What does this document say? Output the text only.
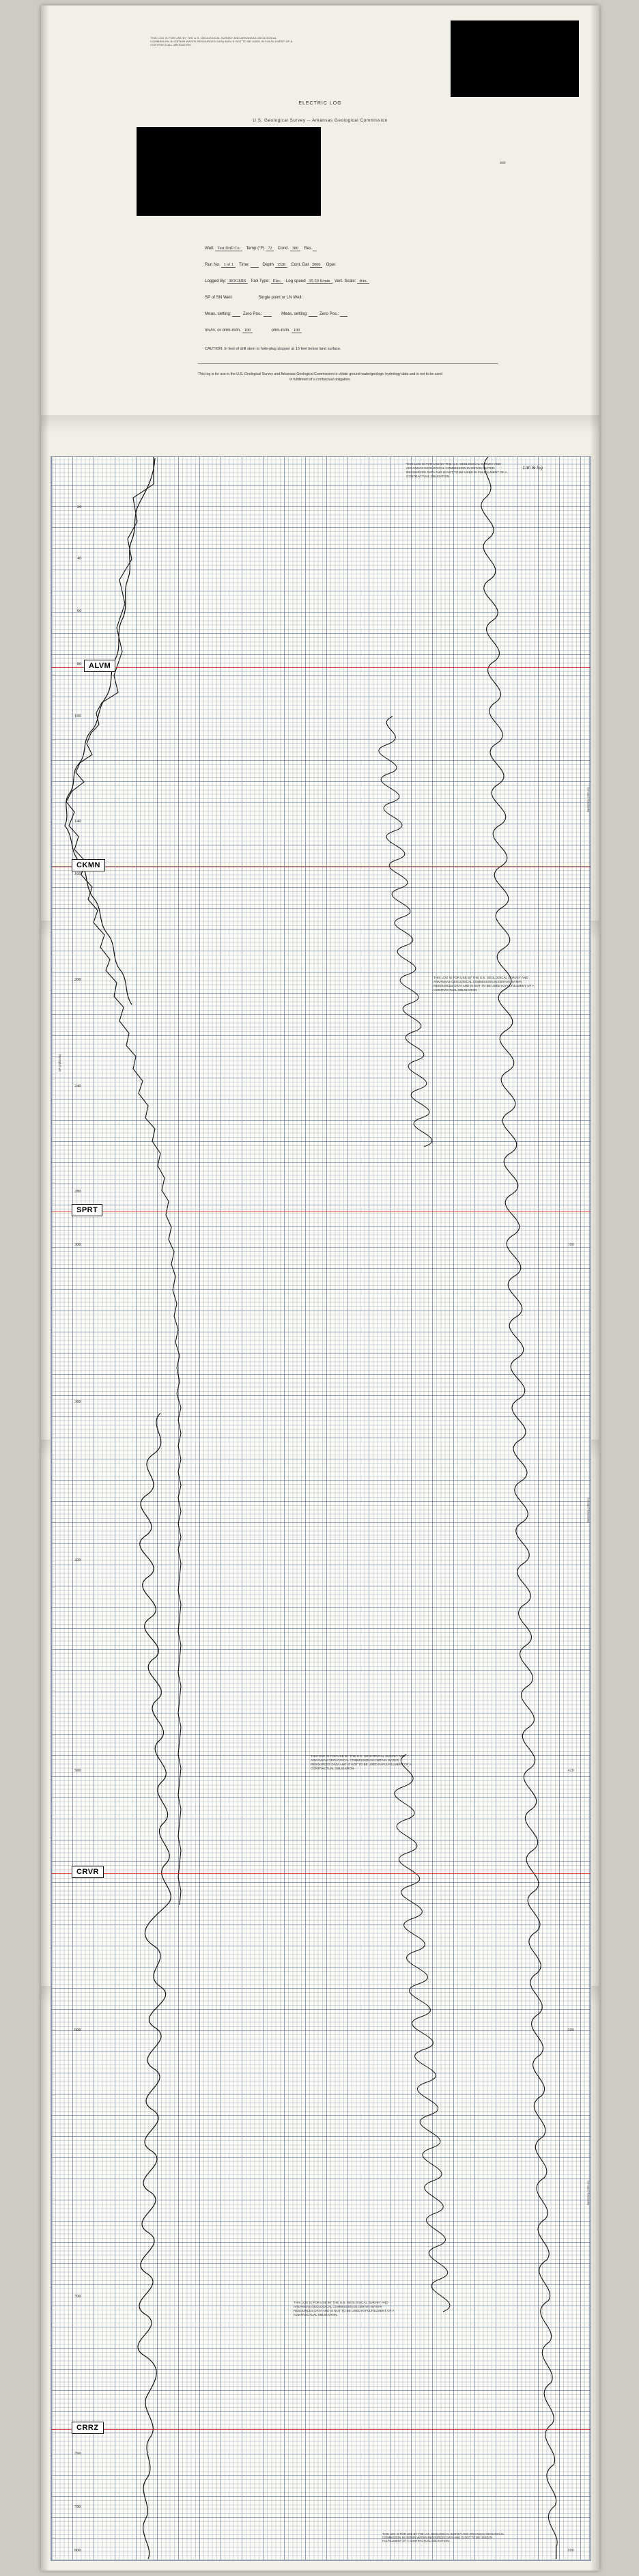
THIS LOG IS FOR USE BY THE U.S. GEOLOGICAL SURVEY AND ARKANSAS GEOLOGICAL COMMISSION IN OBTAIN WATER-RESOURCES DATA AND IS NOT TO BE USED IN FULFILLMENT OF A CONTRACTUAL OBLIGATION.
ELECTRIC LOG
U.S. Geological Survey -- Arkansas Geological Commission

800
Well: Test Drill Co. Temp (°F) 72 Cond. 380 Res.
Run No. 1 of 1 Time:	Depth 1528 Cont. Dat 2000 Oper.
Logged By: ROGERS Tool Type: Elec. Log speed 35-50 ft/min Vert. Scale: ft/in.
SP of SN Well:	Single point or LN Well:
Meas. setting:	Zero Pos.:	Meas. setting:	Zero Pos.:
mv/in. or ohm-m/in. 100	ohm-m/in. 100
CAUTION: In feet of drill stem to hole-plug stopper at 15 feet below land surface.
This log is for use in the U.S. Geological Survey and Arkansas Geological Commission to obtain ground-water/geologic hydrology data and is not to be used in fulfillment of a contractual obligation.
20
40
60
80
100
140
160
200
240
280
300
360
420
500
600
700
760
780
800
420
600
300
800
ALVM
CKMN
SPRT
CRVR
CRRZ
THIS LOG IS FOR USE BY THE U.S. GEOLOGICAL SURVEY AND ARKANSAS GEOLOGICAL COMMISSION IN OBTAIN WATER-RESOURCES DATA AND IS NOT TO BE USED IN FULFILLMENT OF A CONTRACTUAL OBLIGATION.
THIS LOG IS FOR USE BY THE U.S. GEOLOGICAL SURVEY AND ARKANSAS GEOLOGICAL COMMISSION IN OBTAIN WATER-RESOURCES DATA AND IS NOT TO BE USED IN FULFILLMENT OF A CONTRACTUAL OBLIGATION.
THIS LOG IS FOR USE BY THE U.S. GEOLOGICAL SURVEY AND ARKANSAS GEOLOGICAL COMMISSION IN OBTAIN WATER-RESOURCES DATA AND IS NOT TO BE USED IN FULFILLMENT OF A CONTRACTUAL OBLIGATION.
THIS LOG IS FOR USE BY THE U.S. GEOLOGICAL SURVEY AND ARKANSAS GEOLOGICAL COMMISSION IN OBTAIN WATER-RESOURCES DATA AND IS NOT TO BE USED IN FULFILLMENT OF A CONTRACTUAL OBLIGATION.
Lith & log
Resistivity (ohm-m)
Resistivity (ohm-m)
Resistivity (ohm-m)
SP (millivolts)
THIS LOG IS FOR USE BY THE U.S. GEOLOGICAL SURVEY AND ARKANSAS GEOLOGICAL COMMISSION IN OBTAIN WATER-RESOURCES DATA AND IS NOT TO BE USED IN FULFILLMENT OF A CONTRACTUAL OBLIGATION.
